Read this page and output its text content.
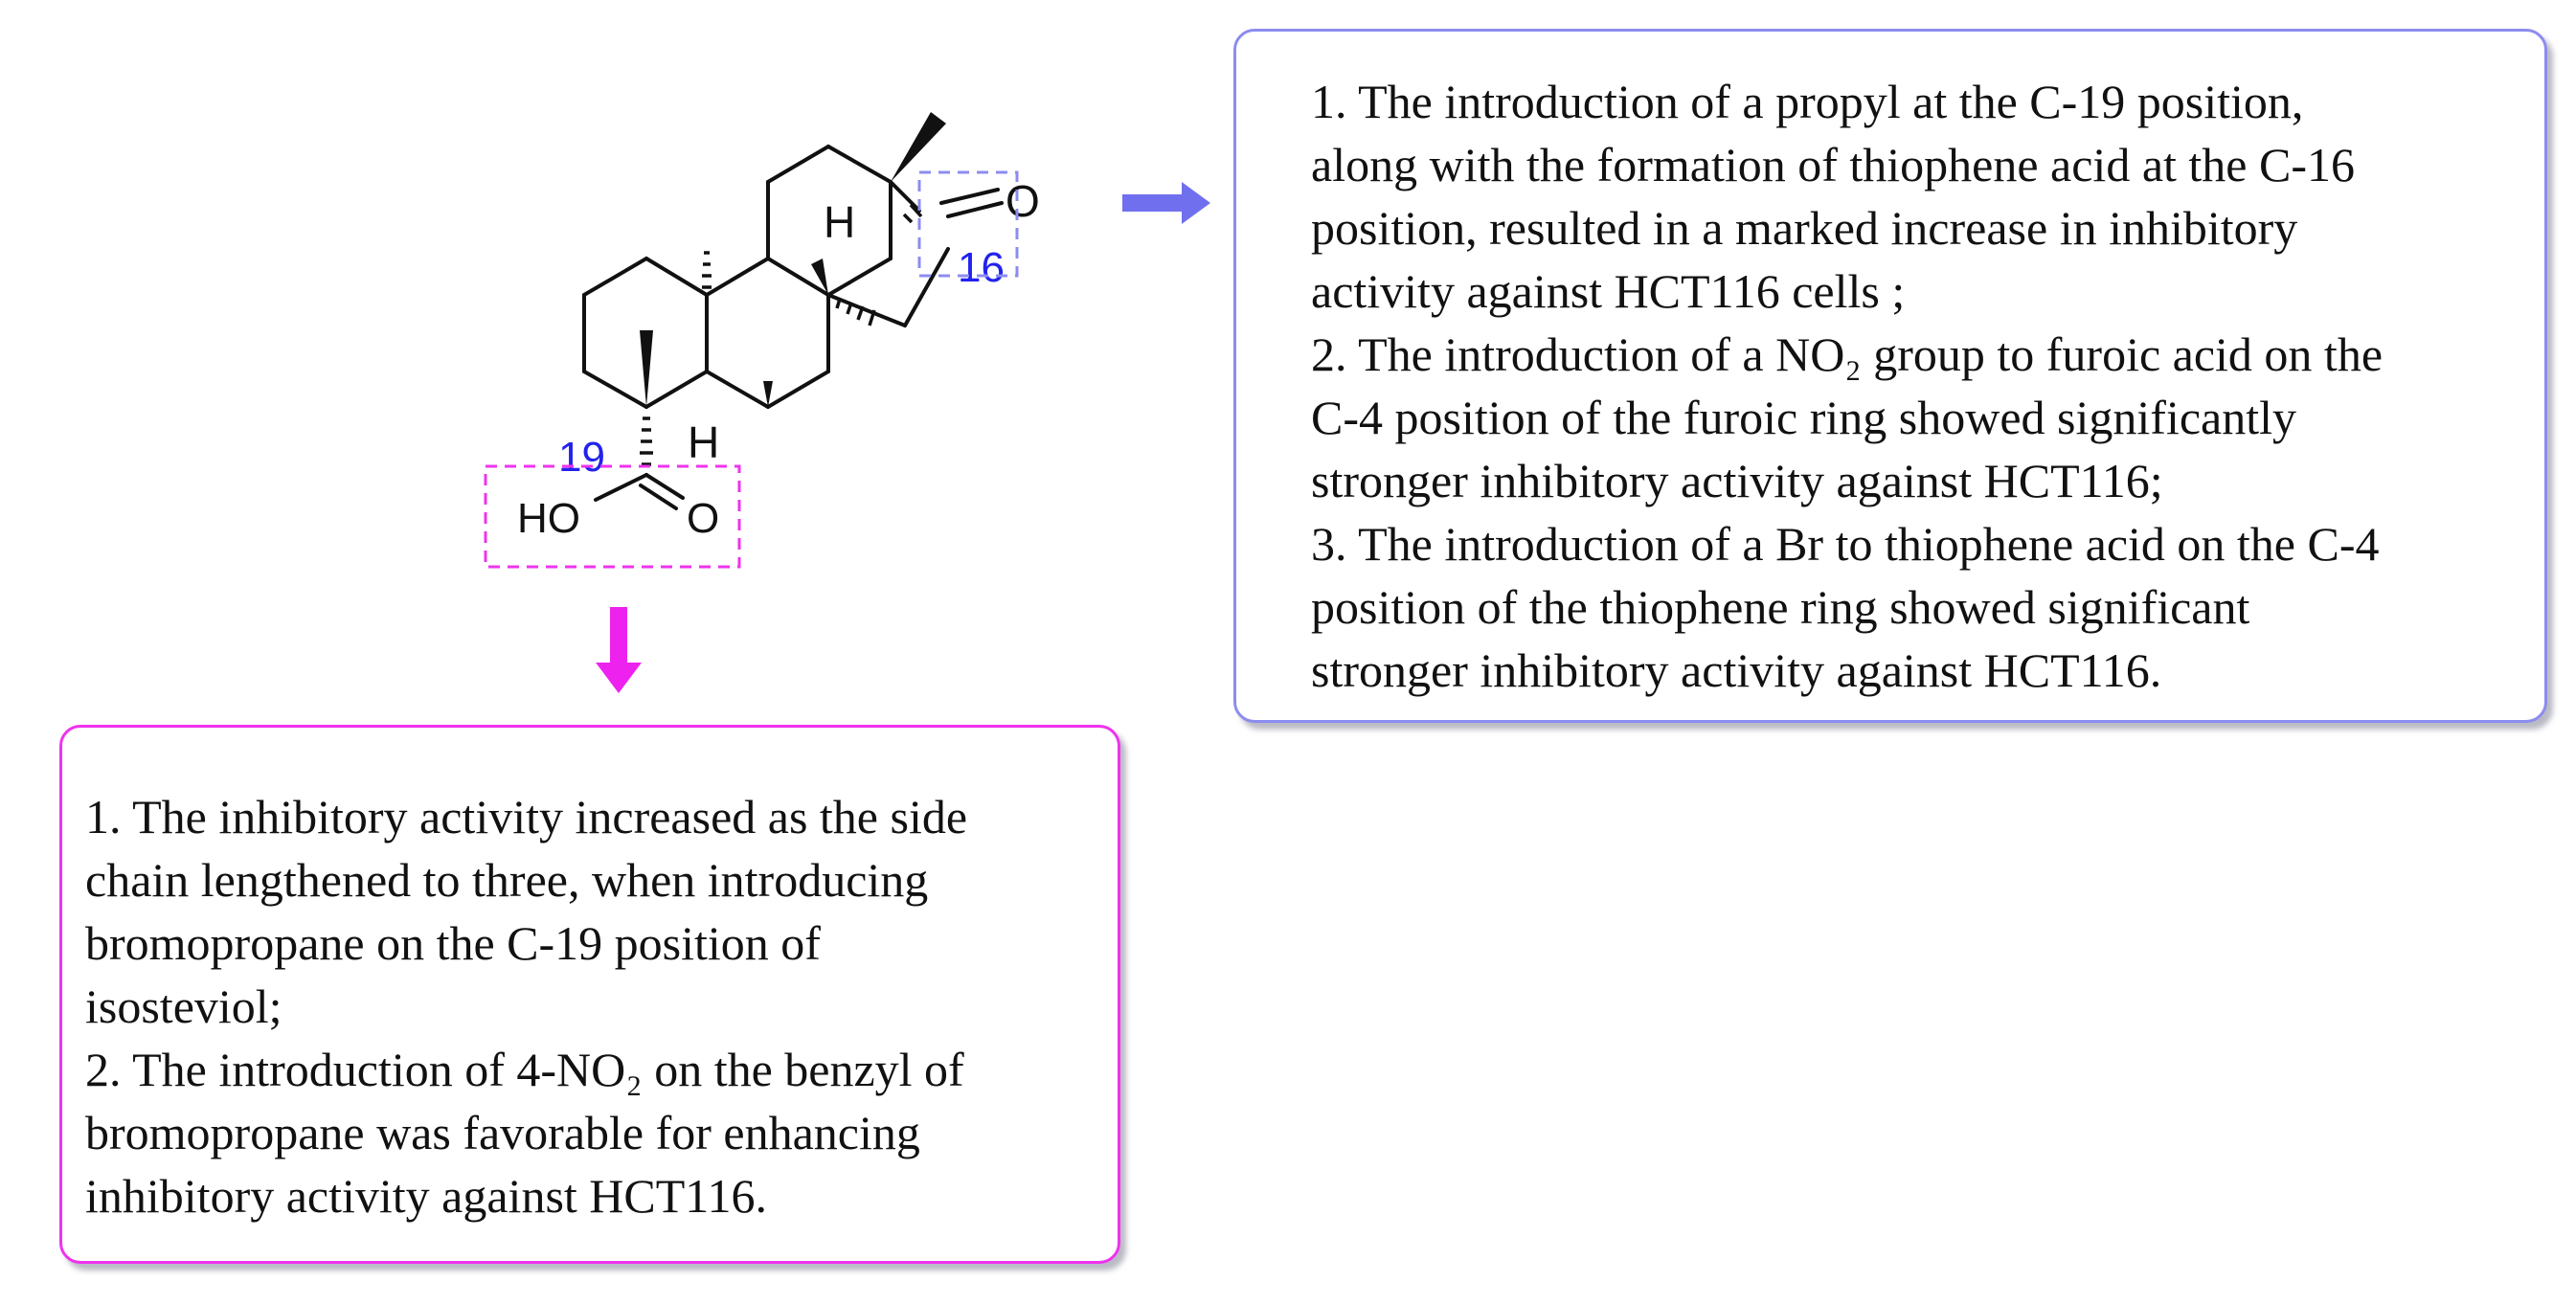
H
H
O
HO	O
16
19

1. The introduction of a propyl at the C-19 position,
along with the formation of thiophene acid at the C-16
position, resulted in a marked increase in inhibitory
activity against HCT116 cells ;
2. The introduction of a NO₂ group to furoic acid on the
C-4 position of the furoic ring showed significantly
stronger inhibitory activity against HCT116;
3. The introduction of a Br to thiophene acid on the C-4
position of the thiophene ring showed significant
stronger inhibitory activity against HCT116.

1. The inhibitory activity increased as the side
chain lengthened to three, when introducing
bromopropane on the C-19 position of
isosteviol;
2. The introduction of 4-NO₂ on the benzyl of
bromopropane was favorable for enhancing
inhibitory activity against HCT116.
